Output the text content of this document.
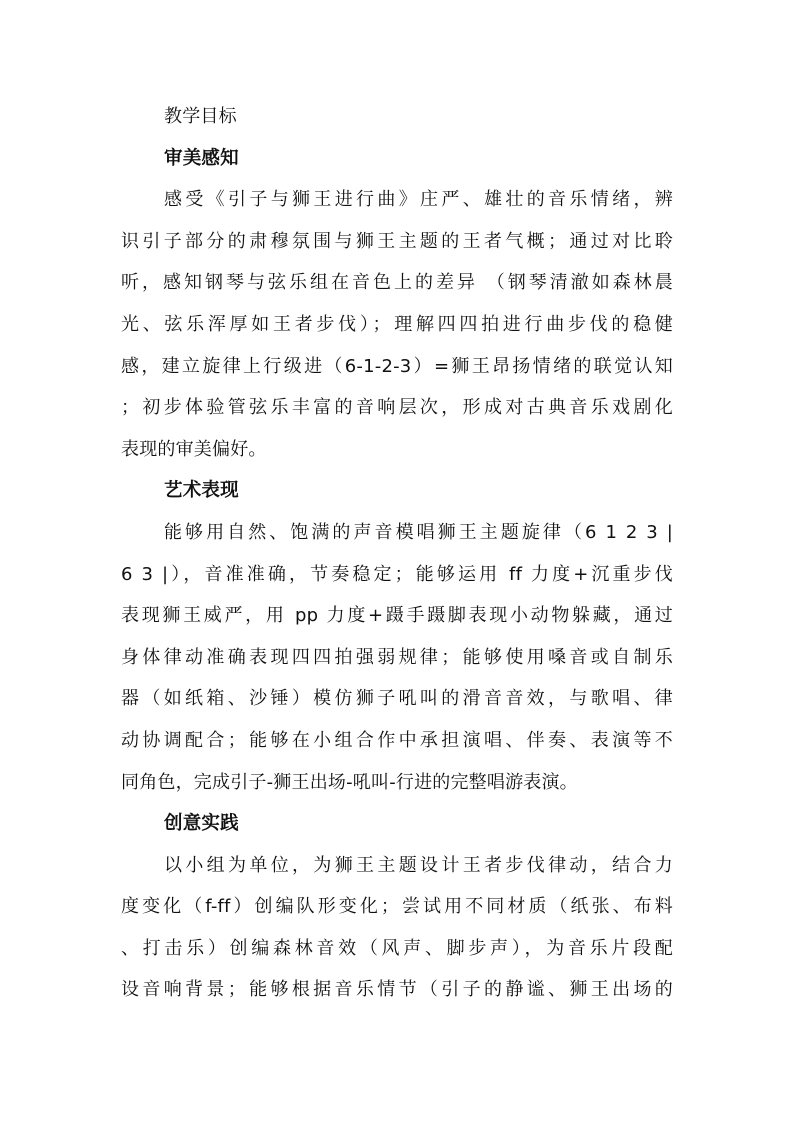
教学目标
审美感知
感受《引子与狮王进行曲》庄严、雄壮的音乐情绪，辨
识引子部分的肃穆氛围与狮王主题的王者气概；通过对比聆
听，感知钢琴与弦乐组在音色上的差异 （钢琴清澈如森林晨
光、弦乐浑厚如王者步伐）；理解四四拍进行曲步伐的稳健
感，建立旋律上行级进（6-1-2-3）=狮王昂扬情绪的联觉认知
；初步体验管弦乐丰富的音响层次，形成对古典音乐戏剧化
表现的审美偏好。
艺术表现
能够用自然、饱满的声音模唱狮王主题旋律（6 1 2 3 |
6 3 |），音准准确，节奏稳定；能够运用 ff 力度+沉重步伐
表现狮王威严，用 pp 力度+蹑手蹑脚表现小动物躲藏，通过
身体律动准确表现四四拍强弱规律；能够使用嗓音或自制乐
器（如纸箱、沙锤）模仿狮子吼叫的滑音音效，与歌唱、律
动协调配合；能够在小组合作中承担演唱、伴奏、表演等不
同角色，完成引子-狮王出场-吼叫-行进的完整唱游表演。
创意实践
以小组为单位，为狮王主题设计王者步伐律动，结合力
度变化（f-ff）创编队形变化；尝试用不同材质（纸张、布料
、打击乐）创编森林音效（风声、脚步声），为音乐片段配
设音响背景；能够根据音乐情节（引子的静谧、狮王出场的
